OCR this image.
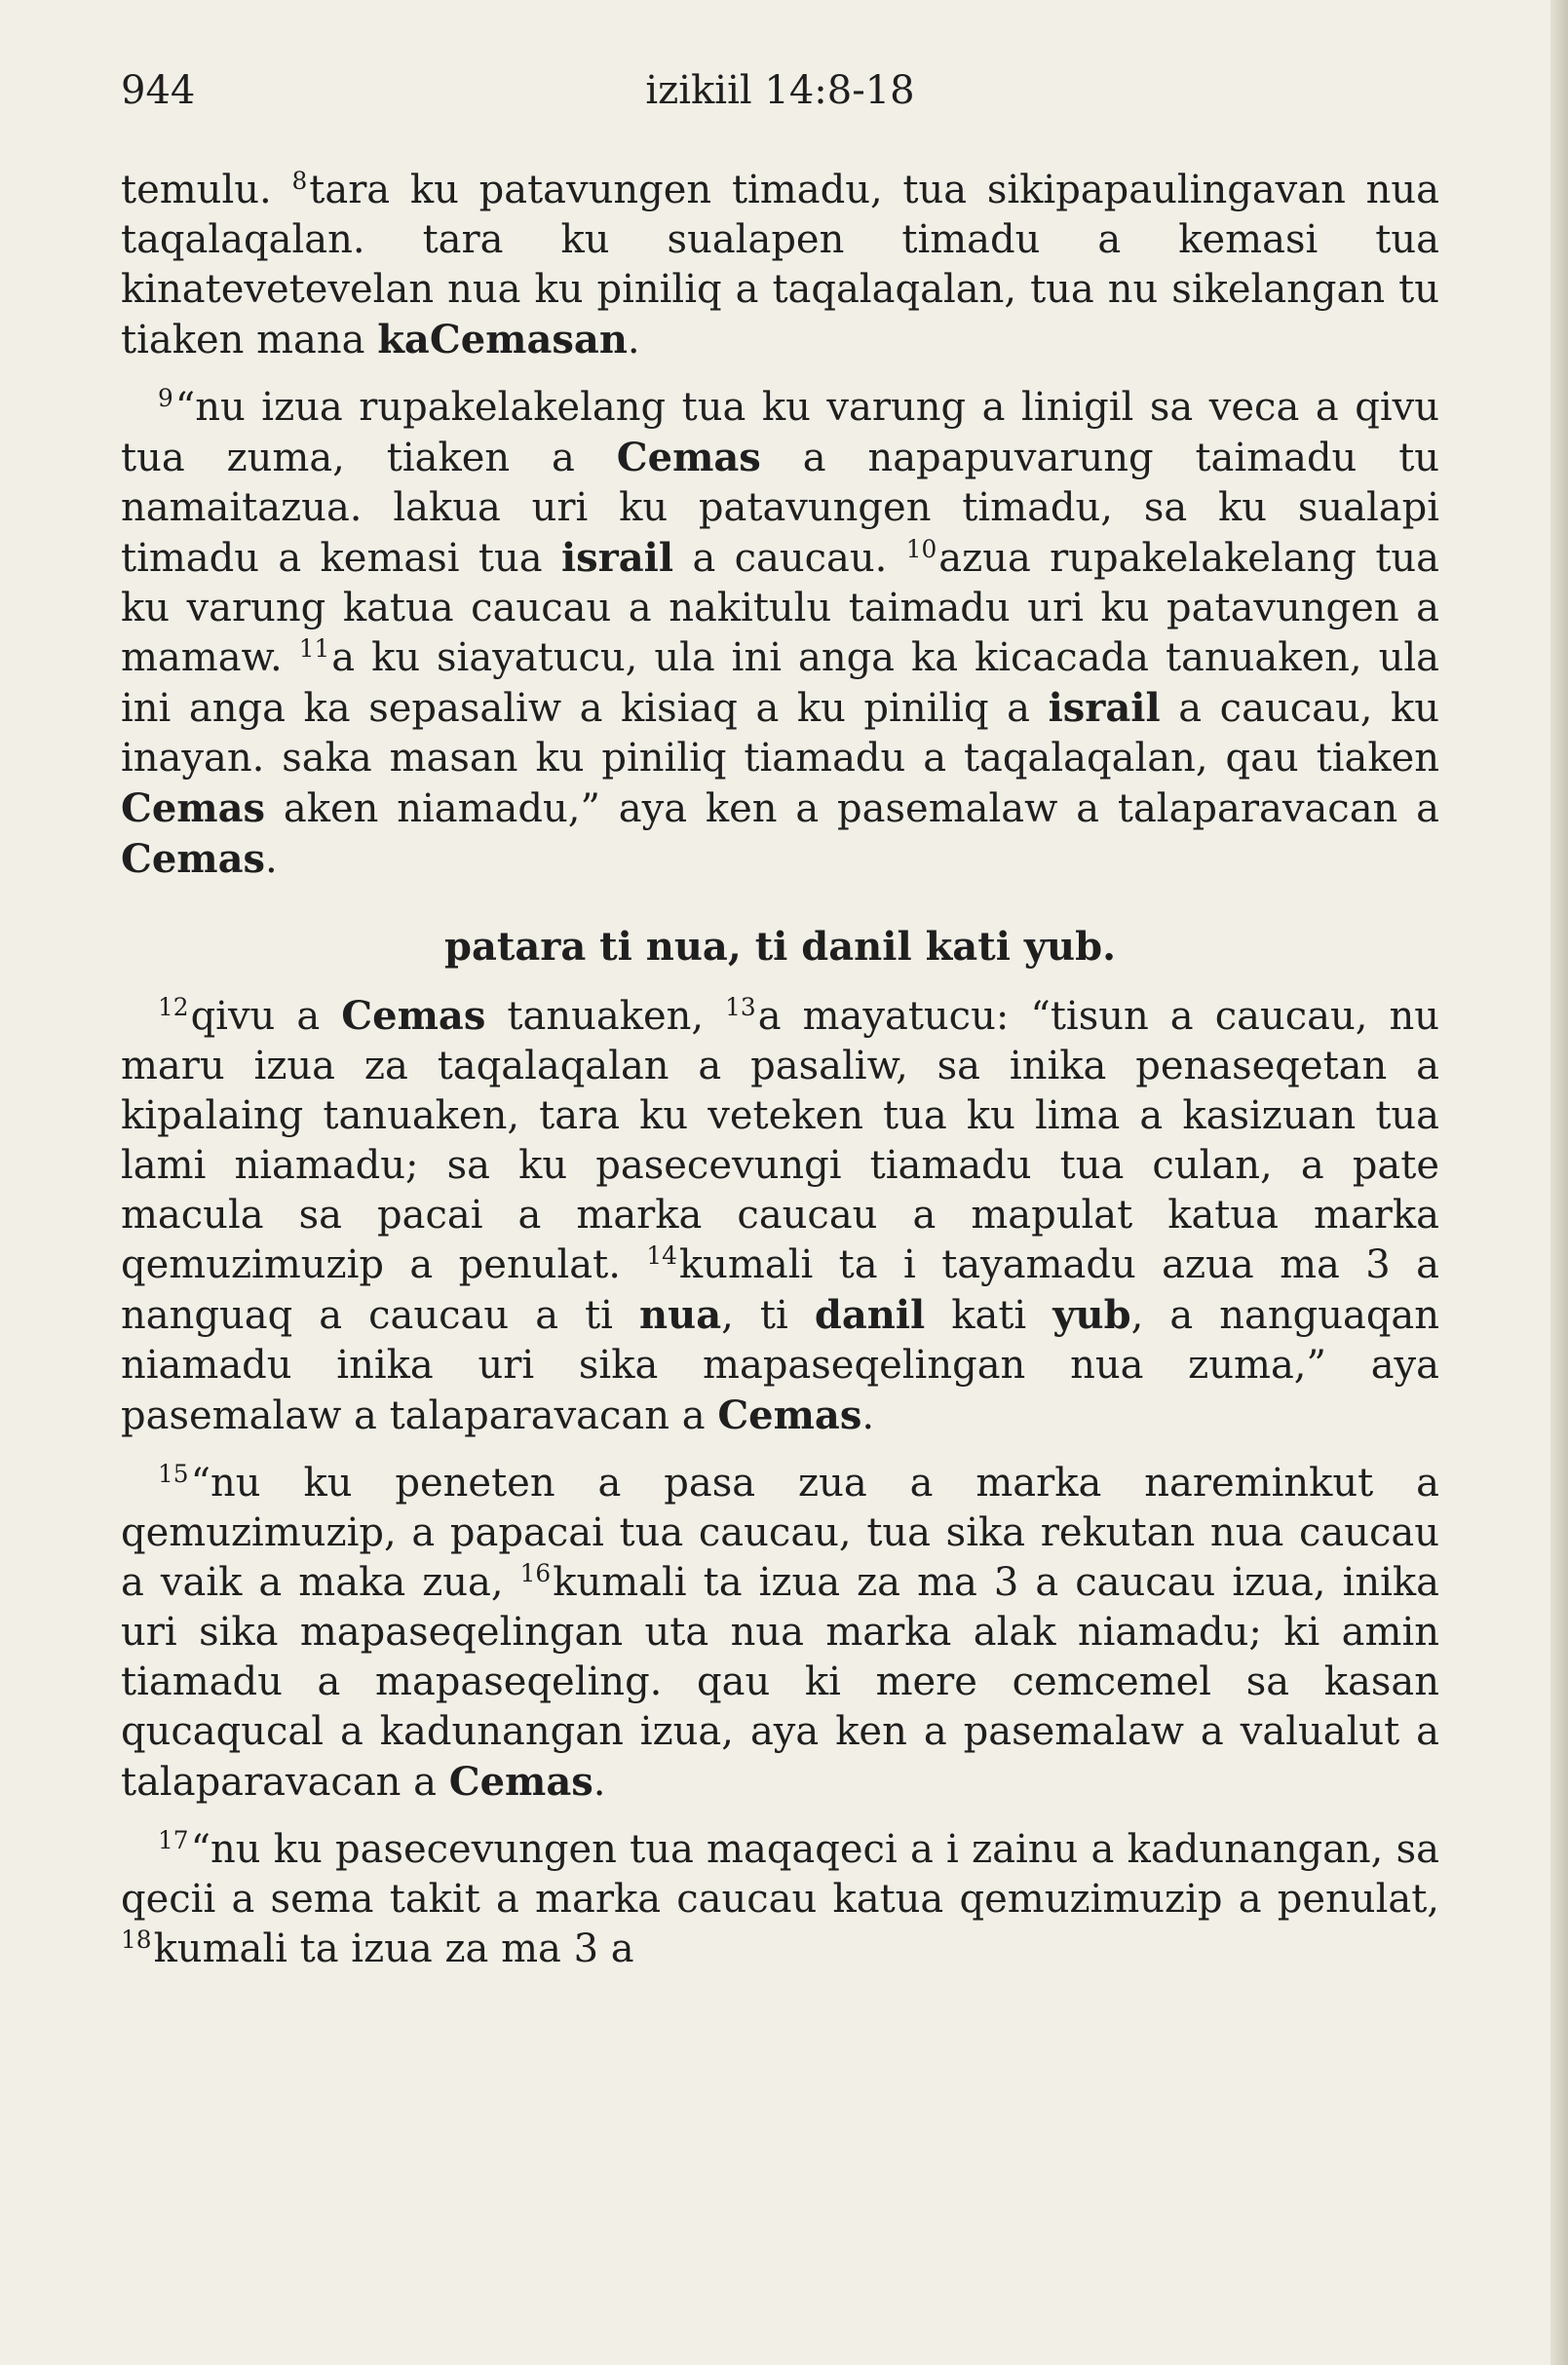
944	izikiil 14:8-18

temulu. $^8$tara ku patavungen timadu, tua sikipapaulingavan nua taqalaqalan. tara ku sualapen timadu a kemasi tua kinatevetevelan nua ku piniliq a taqalaqalan, tua nu sikelangan tu tiaken mana kaCemasan.

$^9$“nu izua rupakelakelang tua ku varung a linigil sa veca a qivu tua zuma, tiaken a Cemas a napapuvarung taimadu tu namaitazua. lakua uri ku patavungen timadu, sa ku sualapi timadu a kemasi tua israil a caucau. $^{10}$azua rupakelakelang tua ku varung katua caucau a nakitulu taimadu uri ku patavungen a mamaw. $^{11}$a ku siayatucu, ula ini anga ka kicacada tanuaken, ula ini anga ka sepasaliw a kisiaq a ku piniliq a israil a caucau, ku inayan. saka masan ku piniliq tiamadu a taqalaqalan, qau tiaken Cemas aken niamadu,” aya ken a pasemalaw a talaparavacan a Cemas.

patara ti nua, ti danil kati yub.

$^{12}$qivu a Cemas tanuaken, $^{13}$a mayatucu: “tisun a caucau, nu maru izua za taqalaqalan a pasaliw, sa inika penaseqetan a kipalaing tanuaken, tara ku veteken tua ku lima a kasizuan tua lami niamadu; sa ku pasecevungi tiamadu tua culan, a pate macula sa pacai a marka caucau a mapulat katua marka qemuzimuzip a penulat. $^{14}$kumali ta i tayamadu azua ma 3 a nanguaq a caucau a ti nua, ti danil kati yub, a nanguaqan niamadu inika uri sika mapaseqelingan nua zuma,” aya pasemalaw a talaparavacan a Cemas.

$^{15}$“nu ku peneten a pasa zua a marka nareminkut a qemuzimuzip, a papacai tua caucau, tua sika rekutan nua caucau a vaik a maka zua, $^{16}$kumali ta izua za ma 3 a caucau izua, inika uri sika mapaseqelingan uta nua marka alak niamadu; ki amin tiamadu a mapaseqeling. qau ki mere cemcemel sa kasan qucaqucal a kadunangan izua, aya ken a pasemalaw a valualut a talaparavacan a Cemas.

$^{17}$“nu ku pasecevungen tua maqaqeci a i zainu a kadunangan, sa qecii a sema takit a marka caucau katua qemuzimuzip a penulat, $^{18}$kumali ta izua za ma 3 a
